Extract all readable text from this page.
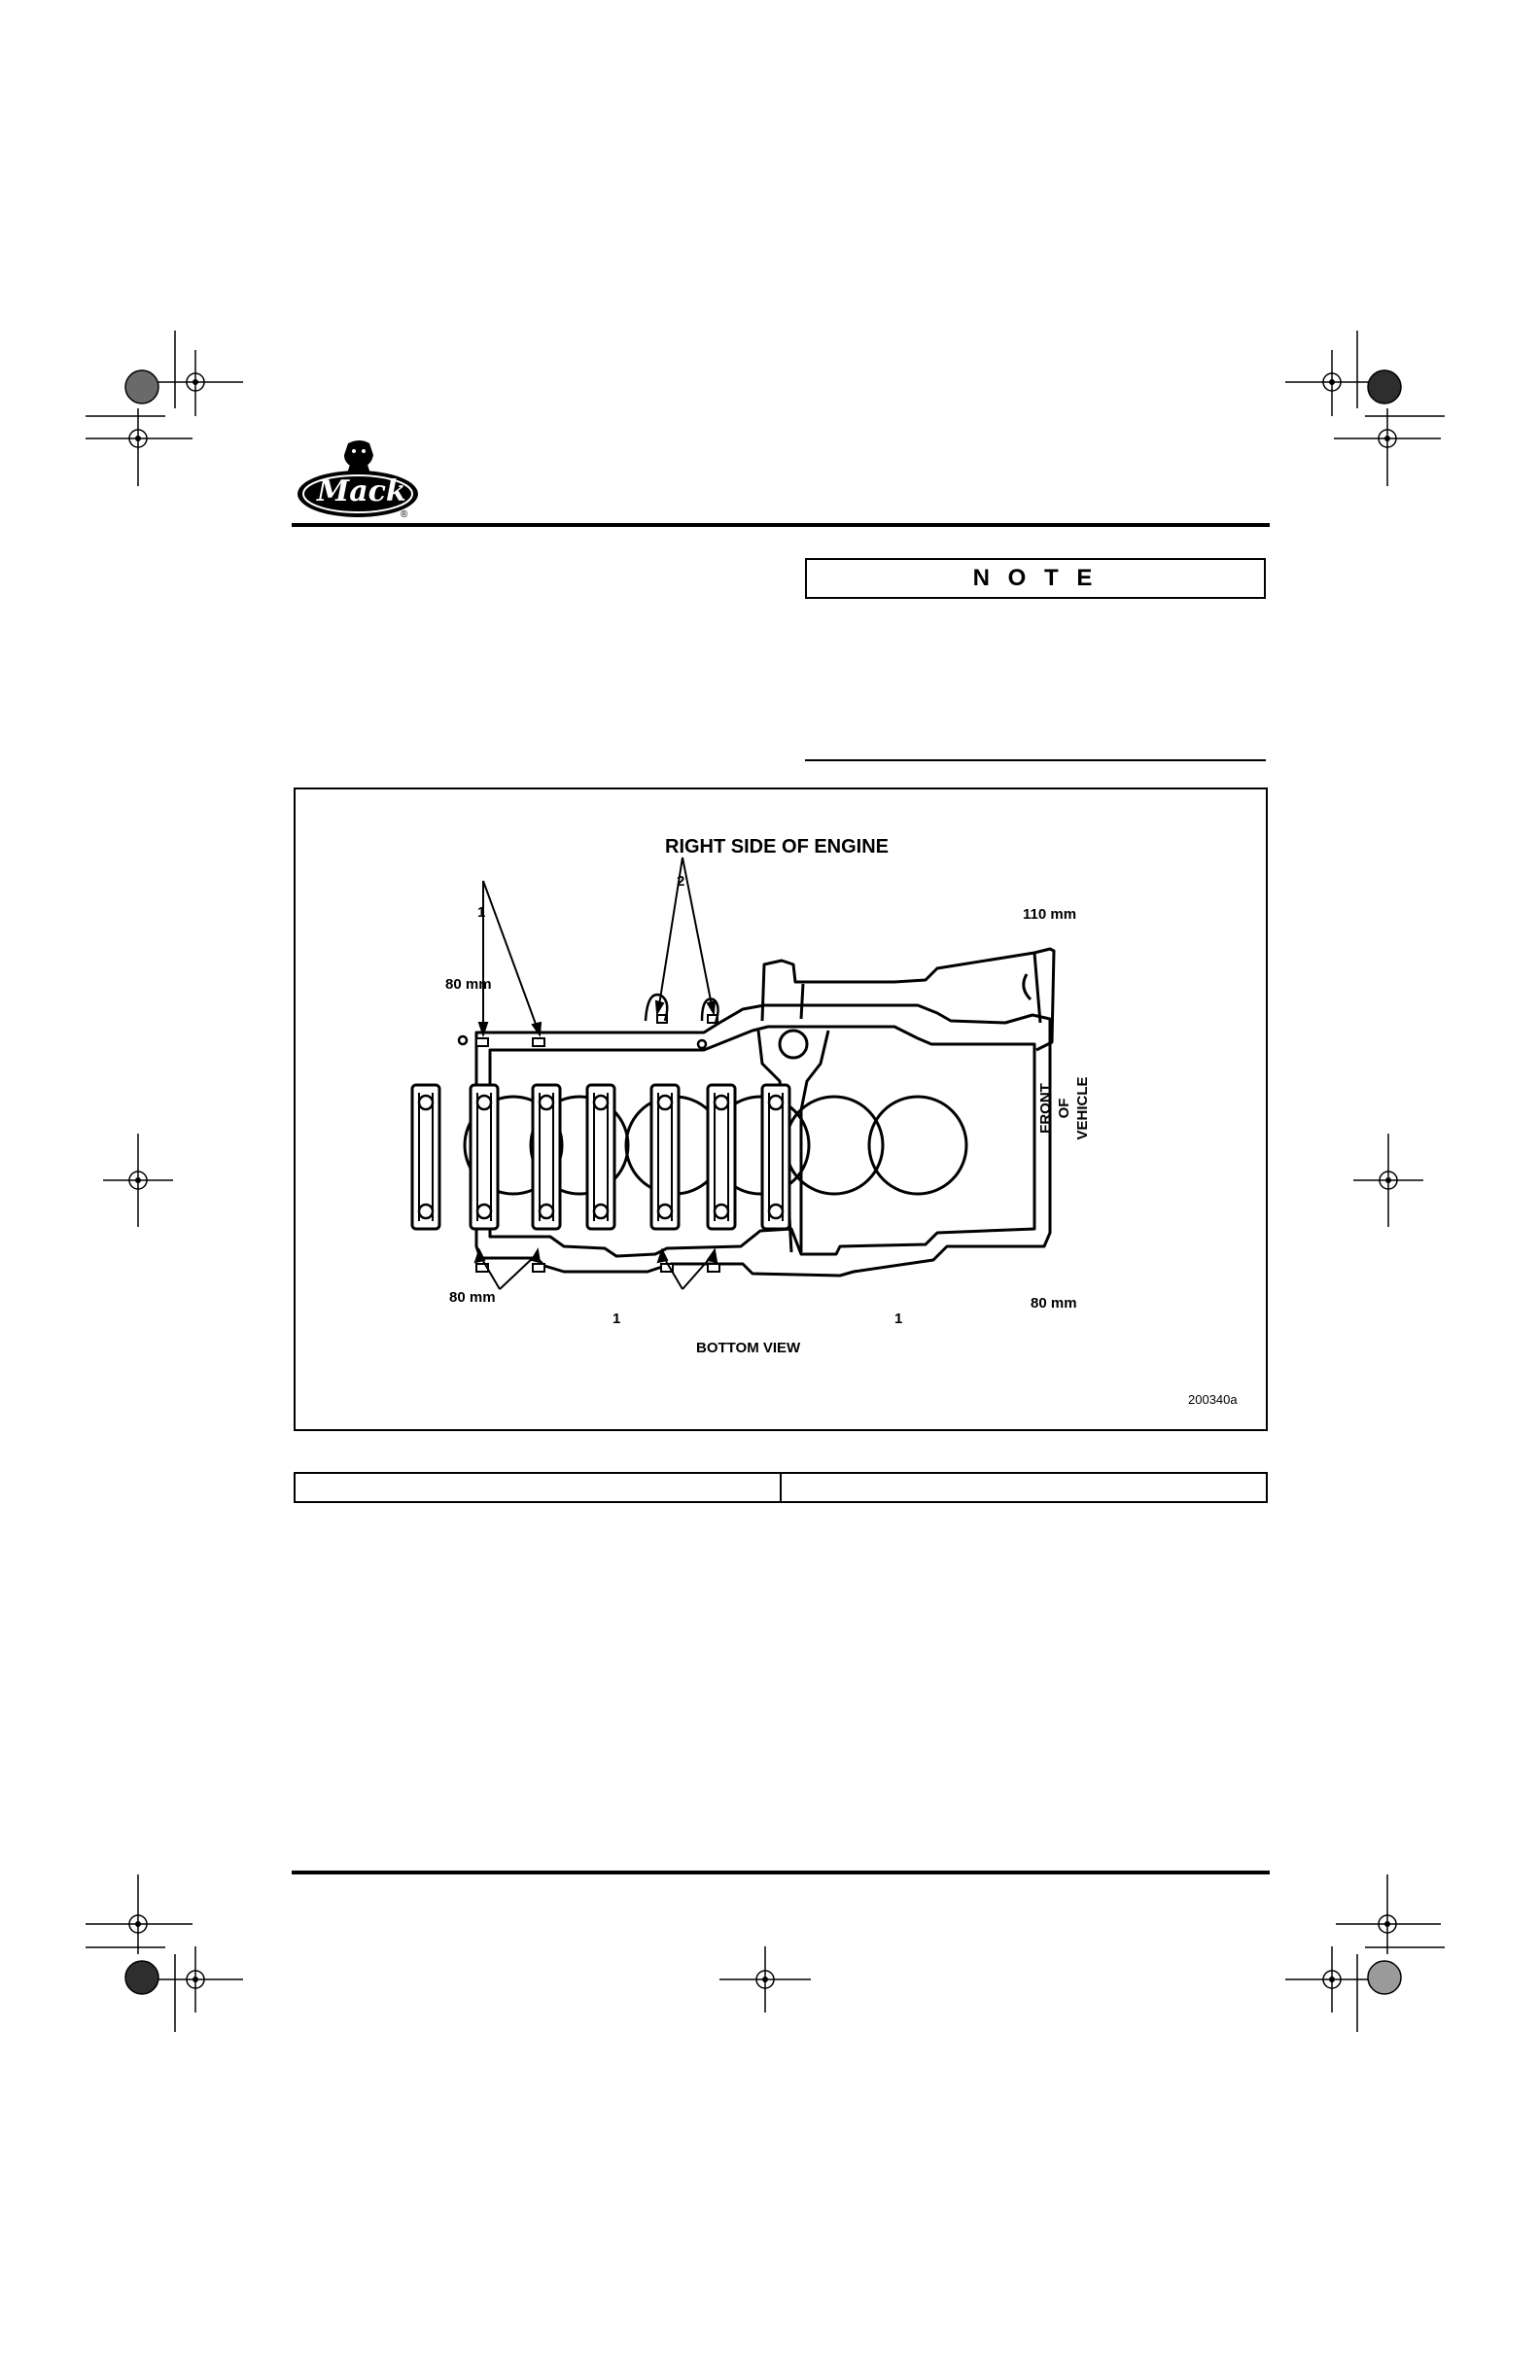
Mack
®
N O T E
RIGHT SIDE OF ENGINE
1
2
110 mm
80 mm
80 mm	80 mm
1	1
BOTTOM VIEW
200340a
FRONT OF VEHICLE
